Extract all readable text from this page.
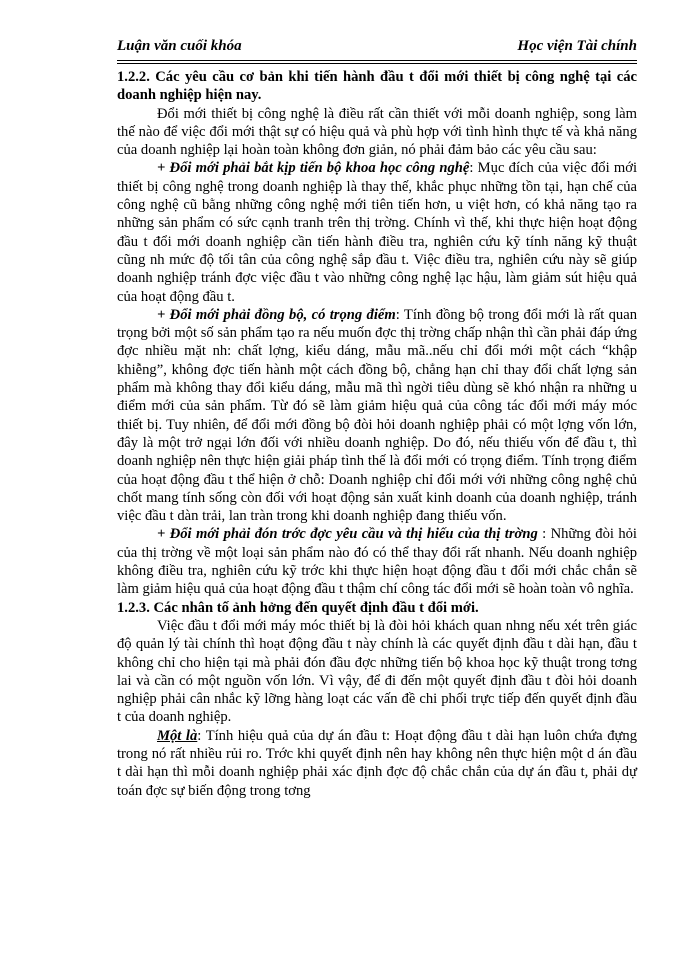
Luận văn cuối khóa	Học viện Tài chính

1.2.2. Các yêu cầu cơ bản khi tiến hành đầu t đổi mới thiết bị công nghệ tại các doanh nghiệp hiện nay.

Đổi mới thiết bị công nghệ là điều rất cần thiết với mỗi doanh nghiệp, song làm thế nào để việc đổi mới thật sự có hiệu quả và phù hợp với tình hình thực tế và khả năng của doanh nghiệp lại hoàn toàn không đơn giản, nó phải đảm bảo các yêu cầu sau:

+ Đổi mới phải bắt kịp tiến bộ khoa học công nghệ: Mục đích của việc đổi mới thiết bị công nghệ trong doanh nghiệp là thay thế, khắc phục những tồn tại, hạn chế của công nghệ cũ bằng những công nghệ mới tiên tiến hơn, u việt hơn, có khả năng tạo ra những sản phẩm có sức cạnh tranh trên thị trờng. Chính vì thế, khi thực hiện hoạt động đầu t đổi mới doanh nghiệp cần tiến hành điều tra, nghiên cứu kỹ tính năng kỹ thuật cũng nh mức độ tối tân của công nghệ sắp đầu t. Việc điều tra, nghiên cứu này sẽ giúp doanh nghiệp tránh đợc việc đầu t vào những công nghệ lạc hậu, làm giảm sút hiệu quả của hoạt động đầu t.

+ Đổi mới phải đồng bộ, có trọng điểm: Tính đồng bộ trong đổi mới là rất quan trọng bởi một số sản phẩm tạo ra nếu muốn đợc thị trờng chấp nhận thì cần phải đáp ứng đợc nhiều mặt nh: chất lợng, kiểu dáng, mẫu mã..nếu chỉ đổi mới một cách “khập khiễng”, không đợc tiến hành một cách đồng bộ, chẳng hạn chỉ thay đổi chất lợng sản phẩm mà không thay đổi kiểu dáng, mẫu mã thì ngời tiêu dùng sẽ khó nhận ra những u điểm mới của sản phẩm. Từ đó sẽ làm giảm hiệu quả của công tác đổi mới máy móc thiết bị. Tuy nhiên, để đổi mới đồng bộ đòi hỏi doanh nghiệp phải có một lợng vốn lớn, đây là một trở ngại lớn đối với nhiều doanh nghiệp. Do đó, nếu thiếu vốn để đầu t, thì doanh nghiệp nên thực hiện giải pháp tình thế là đổi mới có trọng điểm. Tính trọng điểm của hoạt động đầu t thể hiện ở chỗ: Doanh nghiệp chỉ đổi mới với những công nghệ chủ chốt mang tính sống còn đối với hoạt động sản xuất kinh doanh của doanh nghiệp, tránh việc đầu t dàn trải, lan tràn trong khi doanh nghiệp đang thiếu vốn.

+ Đổi mới phải đón trớc đợc yêu cầu và thị hiếu của thị trờng : Những đòi hỏi của thị trờng về một loại sản phẩm nào đó có thể thay đổi rất nhanh. Nếu doanh nghiệp không điều tra, nghiên cứu kỹ trớc khi thực hiện hoạt động đầu t đổi mới chắc chắn sẽ làm giảm hiệu quả của hoạt động đầu t thậm chí công tác đổi mới sẽ hoàn toàn vô nghĩa.

1.2.3. Các nhân tố ảnh hởng đến quyết định đầu t đổi mới.

Việc đầu t đổi mới máy móc thiết bị là đòi hỏi khách quan nhng nếu xét trên giác độ quản lý tài chính thì hoạt động đầu t này chính là các quyết định đầu t dài hạn, đầu t không chỉ cho hiện tại mà phải đón đầu đợc những tiến bộ khoa học kỹ thuật trong tơng lai và cần có một nguồn vốn lớn. Vì vậy, để đi đến một quyết định đầu t đòi hỏi doanh nghiệp phải cân nhắc kỹ lỡng hàng loạt các vấn đề chi phối trực tiếp đến quyết định đầu t của doanh nghiệp.

Một là: Tính hiệu quả của dự án đầu t: Hoạt động đầu t dài hạn luôn chứa đựng trong nó rất nhiều rủi ro. Trớc khi quyết định nên hay không nên thực hiện một d án đầu t dài hạn thì mỗi doanh nghiệp phải xác định đợc độ chắc chắn của dự án đầu t, phải dự toán đợc sự biến động trong tơng
